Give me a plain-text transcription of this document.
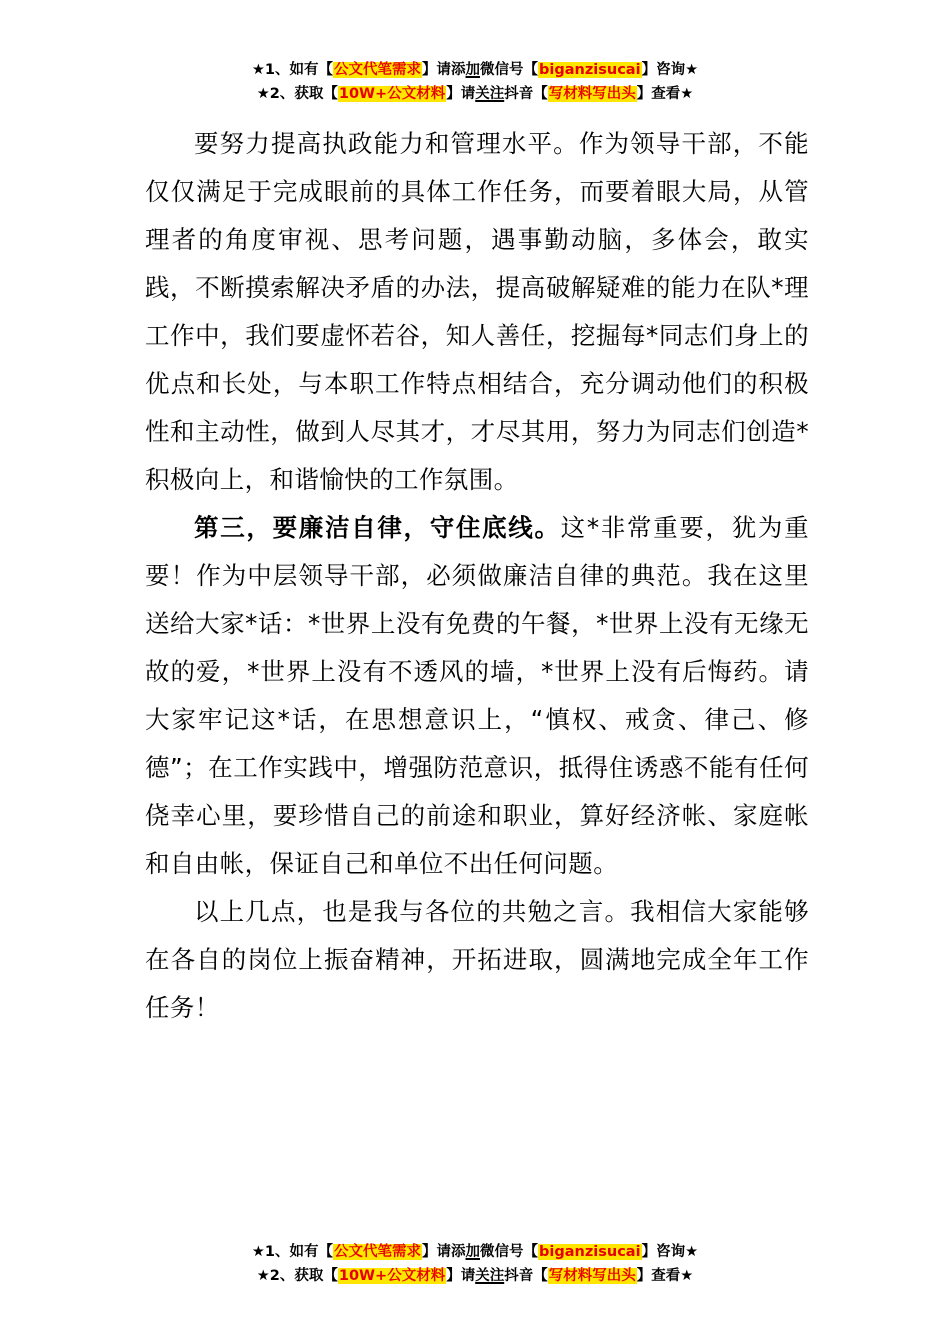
★1、如有【公文代笔需求】请添加微信号【biganzisucai】咨询★
★2、获取【10W+公文材料】请关注抖音【写材料写出头】查看★

要努力提高执政能力和管理水平。作为领导干部，不能仅仅满足于完成眼前的具体工作任务，而要着眼大局，从管理者的角度审视、思考问题，遇事勤动脑，多体会，敢实践，不断摸索解决矛盾的办法，提高破解疑难的能力在队*理工作中，我们要虚怀若谷，知人善任，挖掘每*同志们身上的优点和长处，与本职工作特点相结合，充分调动他们的积极性和主动性，做到人尽其才，才尽其用，努力为同志们创造*积极向上，和谐愉快的工作氛围。

第三，要廉洁自律，守住底线。这*非常重要，犹为重要！作为中层领导干部，必须做廉洁自律的典范。我在这里送给大家*话：*世界上没有免费的午餐，*世界上没有无缘无故的爱，*世界上没有不透风的墙，*世界上没有后悔药。请大家牢记这*话，在思想意识上，“慎权、戒贪、律己、修德”；在工作实践中，增强防范意识，抵得住诱惑不能有任何侥幸心里，要珍惜自己的前途和职业，算好经济帐、家庭帐和自由帐，保证自己和单位不出任何问题。

以上几点，也是我与各位的共勉之言。我相信大家能够在各自的岗位上振奋精神，开拓进取，圆满地完成全年工作任务！

★1、如有【公文代笔需求】请添加微信号【biganzisucai】咨询★
★2、获取【10W+公文材料】请关注抖音【写材料写出头】查看★
